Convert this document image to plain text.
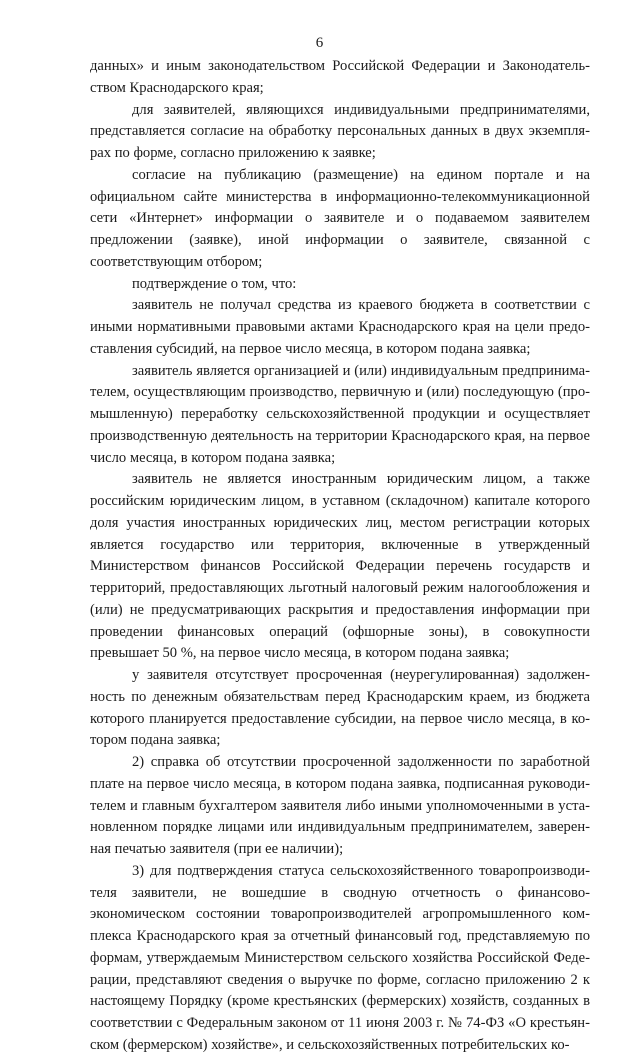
6

данных» и иным законодательством Российской Федерации и Законодательством Краснодарского края;

для заявителей, являющихся индивидуальными предпринимателями, представляется согласие на обработку персональных данных в двух экземплярах по форме, согласно приложению к заявке;

согласие на публикацию (размещение) на едином портале и на официальном сайте министерства в информационно-телекоммуникационной сети «Интернет» информации о заявителе и о подаваемом заявителем предложении (заявке), иной информации о заявителе, связанной с соответствующим отбором;

подтверждение о том, что:

заявитель не получал средства из краевого бюджета в соответствии с иными нормативными правовыми актами Краснодарского края на цели предоставления субсидий, на первое число месяца, в котором подана заявка;

заявитель является организацией и (или) индивидуальным предпринимателем, осуществляющим производство, первичную и (или) последующую (промышленную) переработку сельскохозяйственной продукции и осуществляет производственную деятельность на территории Краснодарского края, на первое число месяца, в котором подана заявка;

заявитель не является иностранным юридическим лицом, а также российским юридическим лицом, в уставном (складочном) капитале которого доля участия иностранных юридических лиц, местом регистрации которых является государство или территория, включенные в утвержденный Министерством финансов Российской Федерации перечень государств и территорий, предоставляющих льготный налоговый режим налогообложения и (или) не предусматривающих раскрытия и предоставления информации при проведении финансовых операций (офшорные зоны), в совокупности превышает 50 %, на первое число месяца, в котором подана заявка;

у заявителя отсутствует просроченная (неурегулированная) задолженность по денежным обязательствам перед Краснодарским краем, из бюджета которого планируется предоставление субсидии, на первое число месяца, в котором подана заявка;

2) справка об отсутствии просроченной задолженности по заработной плате на первое число месяца, в котором подана заявка, подписанная руководителем и главным бухгалтером заявителя либо иными уполномоченными в установленном порядке лицами или индивидуальным предпринимателем, заверенная печатью заявителя (при ее наличии);

3) для подтверждения статуса сельскохозяйственного товаропроизводителя заявители, не вошедшие в сводную отчетность о финансово-экономическом состоянии товаропроизводителей агропромышленного комплекса Краснодарского края за отчетный финансовый год, представляемую по формам, утверждаемым Министерством сельского хозяйства Российской Федерации, представляют сведения о выручке по форме, согласно приложению 2 к настоящему Порядку (кроме крестьянских (фермерских) хозяйств, созданных в соответствии с Федеральным законом от 11 июня 2003 г. № 74-ФЗ «О крестьянском (фермерском) хозяйстве», и сельскохозяйственных потребительских ко-
